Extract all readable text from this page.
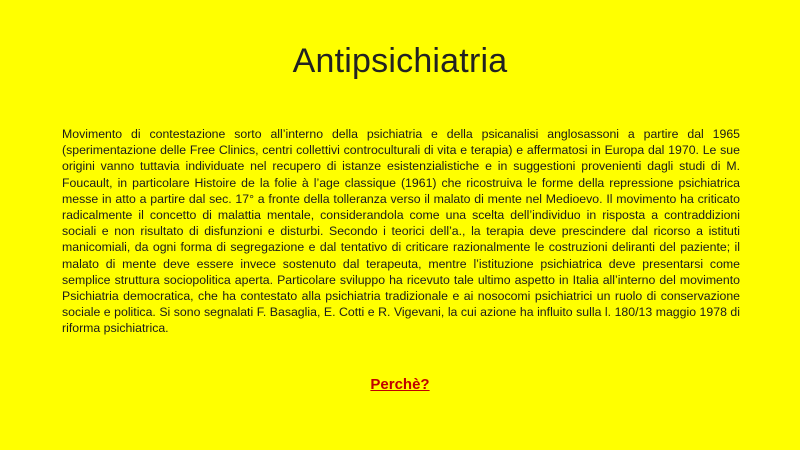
Antipsichiatria

Movimento di contestazione sorto all’interno della psichiatria e della psicanalisi anglosassoni a partire dal 1965 (sperimentazione delle Free Clinics, centri collettivi controculturali di vita e terapia) e affermatosi in Europa dal 1970. Le sue origini vanno tuttavia individuate nel recupero di istanze esistenzialistiche e in suggestioni provenienti dagli studi di M. Foucault, in particolare Histoire de la folie à l’age classique (1961) che ricostruiva le forme della repressione psichiatrica messe in atto a partire dal sec. 17° a fronte della tolleranza verso il malato di mente nel Medioevo. Il movimento ha criticato radicalmente il concetto di malattia mentale, considerandola come una scelta dell’individuo in risposta a contraddizioni sociali e non risultato di disfunzioni e disturbi. Secondo i teorici dell’a., la terapia deve prescindere dal ricorso a istituti manicomiali, da ogni forma di segregazione e dal tentativo di criticare razionalmente le costruzioni deliranti del paziente; il malato di mente deve essere invece sostenuto dal terapeuta, mentre l’istituzione psichiatrica deve presentarsi come semplice struttura sociopolitica aperta. Particolare sviluppo ha ricevuto tale ultimo aspetto in Italia all’interno del movimento Psichiatria democratica, che ha contestato alla psichiatria tradizionale e ai nosocomi psichiatrici un ruolo di conservazione sociale e politica. Si sono segnalati F. Basaglia, E. Cotti e R. Vigevani, la cui azione ha influito sulla l. 180/13 maggio 1978 di riforma psichiatrica.

Perchè?
